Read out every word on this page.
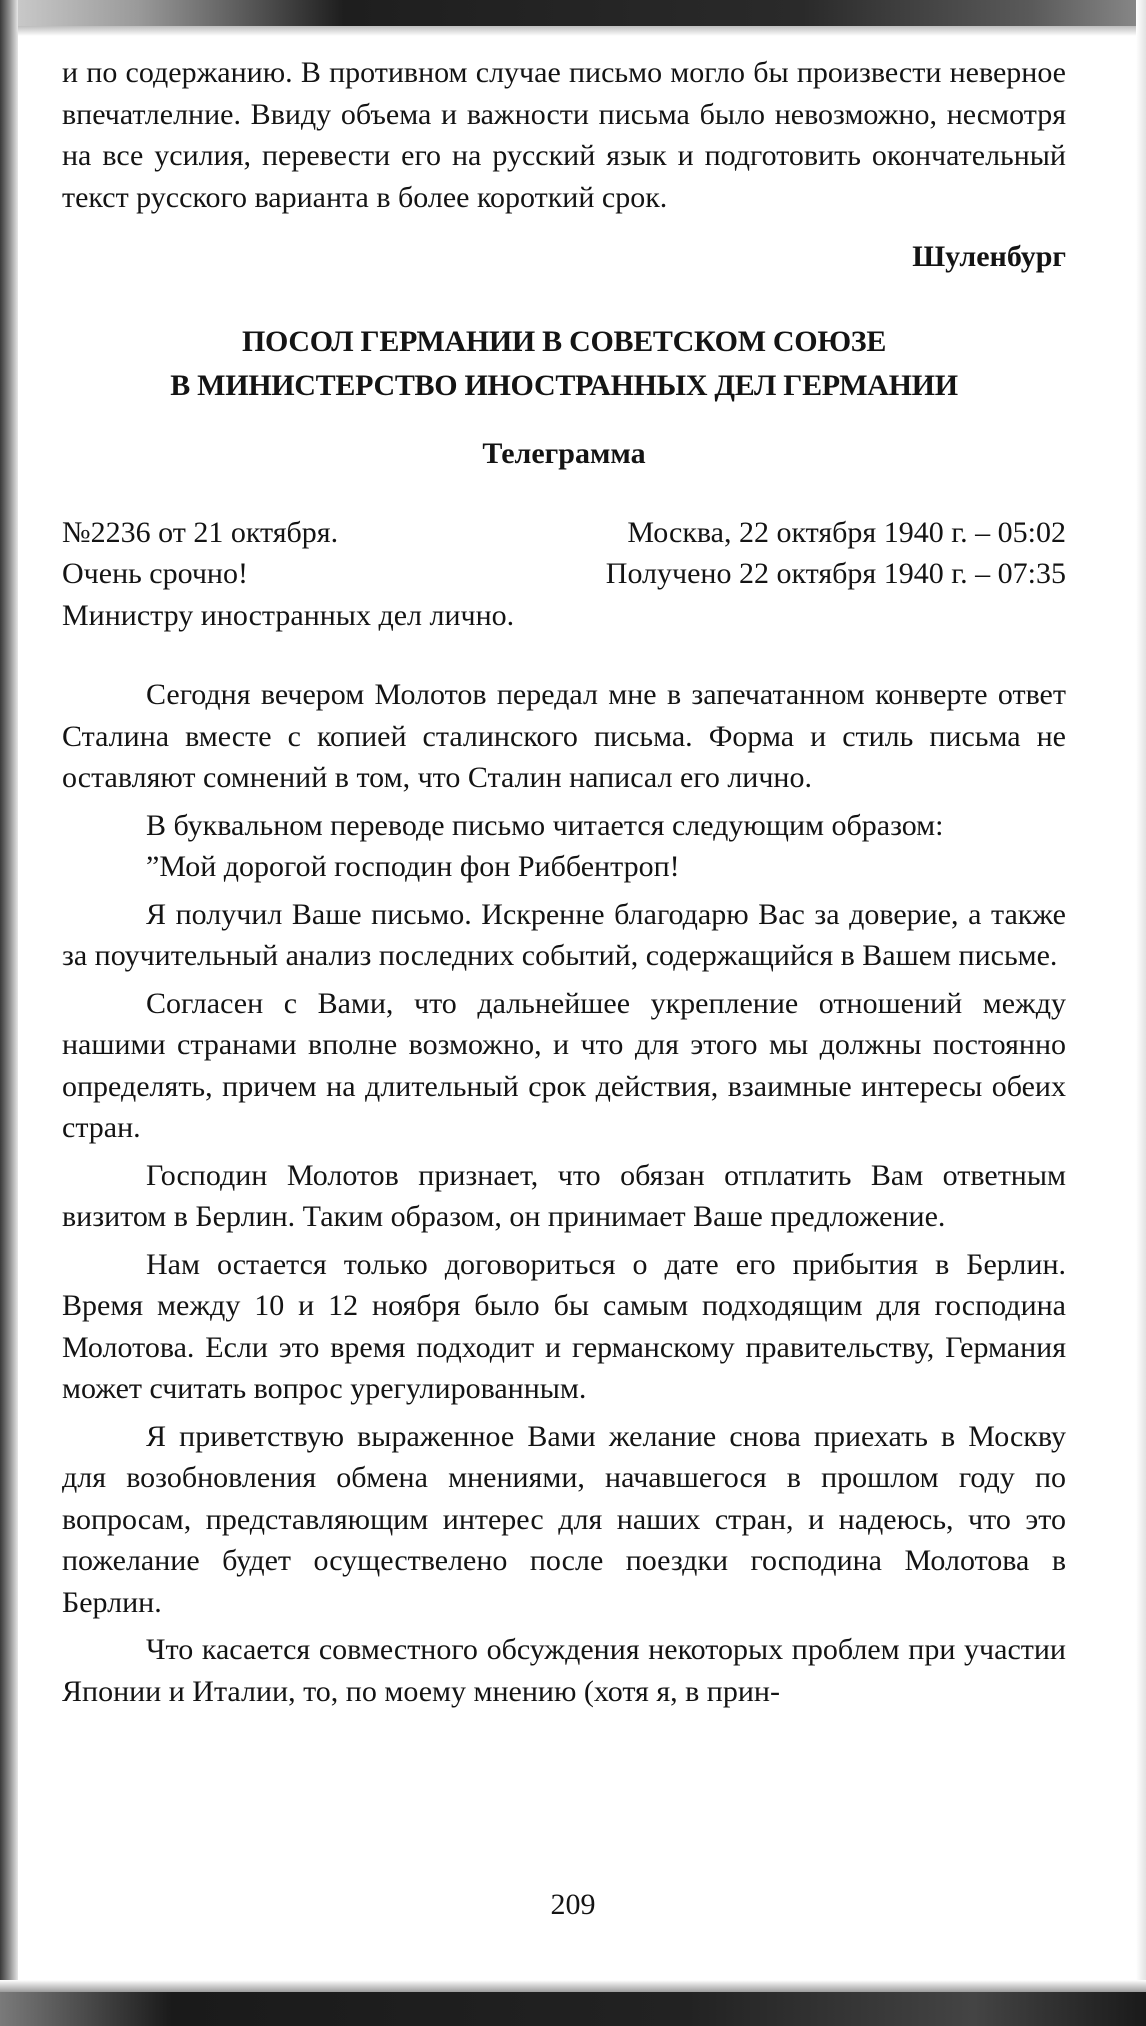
и по содержанию. В противном случае письмо могло бы произвести неверное впечатлелние. Ввиду объема и важности письма было невозможно, несмотря на все усилия, перевести его на русский язык и подготовить окончательный текст русского варианта в более короткий срок.

Шуленбург
ПОСОЛ ГЕРМАНИИ В СОВЕТСКОМ СОЮЗЕ
В МИНИСТЕРСТВО ИНОСТРАННЫХ ДЕЛ ГЕРМАНИИ
Телеграмма
№2236 от 21 октября.	Москва, 22 октября 1940 г. – 05:02
Очень срочно!	Получено 22 октября 1940 г. – 07:35
Министру иностранных дел лично.

Сегодня вечером Молотов передал мне в запечатанном конверте ответ Сталина вместе с копией сталинского письма. Форма и стиль письма не оставляют сомнений в том, что Сталин написал его лично.

В буквальном переводе письмо читается следующим образом:

”Мой дорогой господин фон Риббентроп!

Я получил Ваше письмо. Искренне благодарю Вас за доверие, а также за поучительный анализ последних событий, содержащийся в Вашем письме.

Согласен с Вами, что дальнейшее укрепление отношений между нашими странами вполне возможно, и что для этого мы должны постоянно определять, причем на длительный срок действия, взаимные интересы обеих стран.

Господин Молотов признает, что обязан отплатить Вам ответным визитом в Берлин. Таким образом, он принимает Ваше предложение.

Нам остается только договориться о дате его прибытия в Берлин. Время между 10 и 12 ноября было бы самым подходящим для господина Молотова. Если это время подходит и германскому правительству, Германия может считать вопрос урегулированным.

Я приветствую выраженное Вами желание снова приехать в Москву для возобновления обмена мнениями, начавшегося в прошлом году по вопросам, представляющим интерес для наших стран, и надеюсь, что это пожелание будет осуществелено после поездки господина Молотова в Берлин.

Что касается совместного обсуждения некоторых проблем при участии Японии и Италии, то, по моему мнению (хотя я, в прин-

209
